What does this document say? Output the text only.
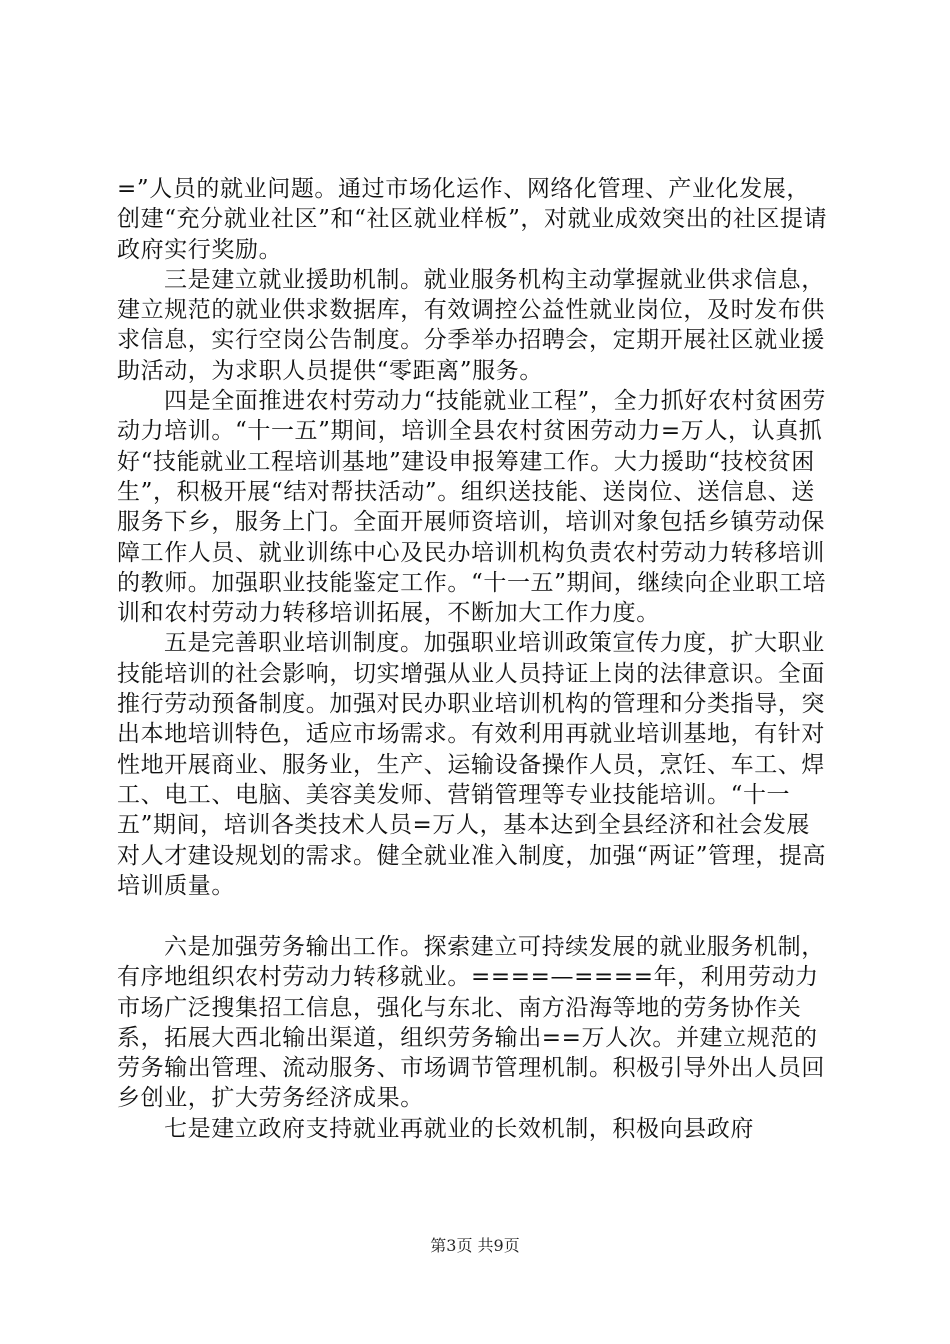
=”人员的就业问题。通过市场化运作、网络化管理、产业化发展，创建“充分就业社区”和“社区就业样板”，对就业成效突出的社区提请政府实行奖励。

三是建立就业援助机制。就业服务机构主动掌握就业供求信息，建立规范的就业供求数据库，有效调控公益性就业岗位，及时发布供求信息，实行空岗公告制度。分季举办招聘会，定期开展社区就业援助活动，为求职人员提供“零距离”服务。

四是全面推进农村劳动力“技能就业工程”，全力抓好农村贫困劳动力培训。“十一五”期间，培训全县农村贫困劳动力=万人，认真抓好“技能就业工程培训基地”建设申报筹建工作。大力援助“技校贫困生”，积极开展“结对帮扶活动”。组织送技能、送岗位、送信息、送服务下乡，服务上门。全面开展师资培训，培训对象包括乡镇劳动保障工作人员、就业训练中心及民办培训机构负责农村劳动力转移培训的教师。加强职业技能鉴定工作。“十一五”期间，继续向企业职工培训和农村劳动力转移培训拓展，不断加大工作力度。

五是完善职业培训制度。加强职业培训政策宣传力度，扩大职业技能培训的社会影响，切实增强从业人员持证上岗的法律意识。全面推行劳动预备制度。加强对民办职业培训机构的管理和分类指导，突出本地培训特色，适应市场需求。有效利用再就业培训基地，有针对性地开展商业、服务业，生产、运输设备操作人员，烹饪、车工、焊工、电工、电脑、美容美发师、营销管理等专业技能培训。“十一五”期间，培训各类技术人员=万人，基本达到全县经济和社会发展对人才建设规划的需求。健全就业准入制度，加强“两证”管理，提高培训质量。

六是加强劳务输出工作。探索建立可持续发展的就业服务机制，有序地组织农村劳动力转移就业。====—====年，利用劳动力市场广泛搜集招工信息，强化与东北、南方沿海等地的劳务协作关系，拓展大西北输出渠道，组织劳务输出==万人次。并建立规范的劳务输出管理、流动服务、市场调节管理机制。积极引导外出人员回乡创业，扩大劳务经济成果。

七是建立政府支持就业再就业的长效机制，积极向县政府

第3页 共9页
